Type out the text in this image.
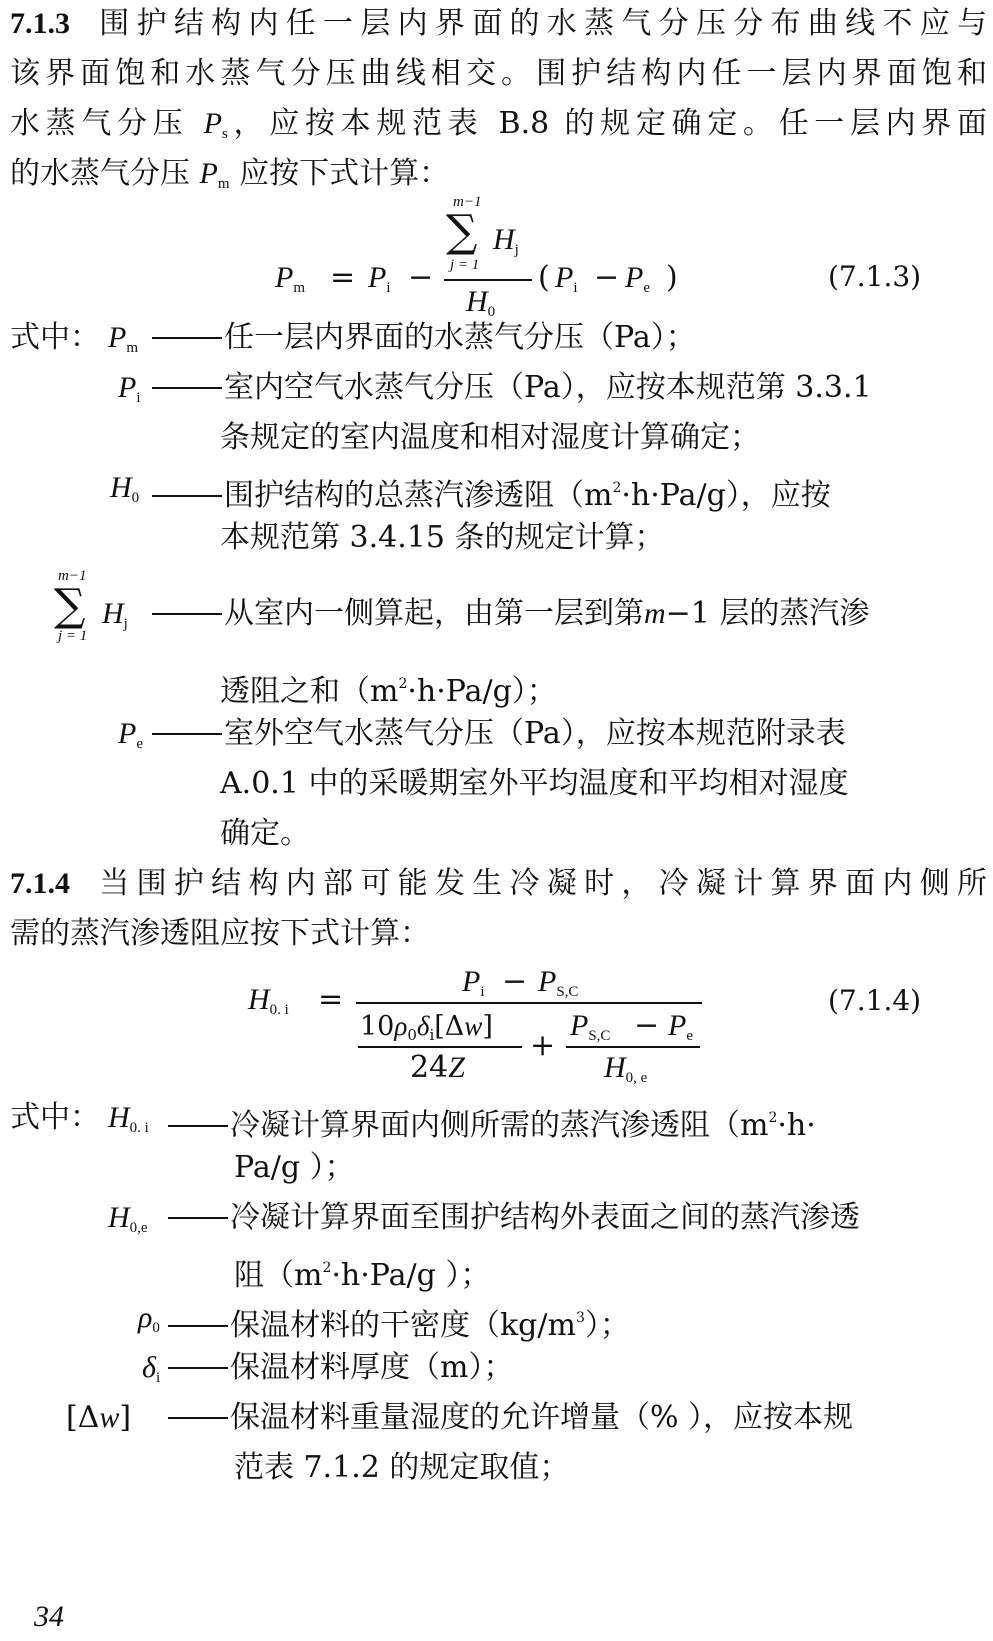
7.1.3 围护结构内任一层内界面的水蒸气分压分布曲线不应与
该界面饱和水蒸气分压曲线相交。围护结构内任一层内界面饱和
水蒸气分压 $P_s$，应按本规范表 B.8 的规定确定。任一层内界面
的水蒸气分压 $P_m$ 应按下式计算：
$P_m = P_i$ −
m−1
∑
j = 1
$H_j$
$H_0$
( $P_i - P_e$ )	(7.1.3)
式中： $P_m$	任一层内界面的水蒸气分压（Pa）；
$P_i$	室内空气水蒸气分压（Pa），应按本规范第 3.3.1
条规定的室内温度和相对湿度计算确定；
$H_0$	围护结构的总蒸汽渗透阻$(m^2\cdot h\cdot Pa/g)$，应按
本规范第 3.4.15 条的规定计算；
m−1
∑
j = 1
$H_j$	从室内一侧算起，由第一层到第m−1 层的蒸汽渗
透阻之和$(m^2\cdot h\cdot Pa/g)$；
$P_e$	室外空气水蒸气分压（Pa），应按本规范附录表
A.0.1 中的采暖期室外平均温度和平均相对湿度
确定。
7.1.4 当围护结构内部可能发生冷凝时，冷凝计算界面内侧所
需的蒸汽渗透阻应按下式计算：
$H_{0. i}$ =
$P_i - P_{S,C}$
$10\rho_0\delta_i[\Delta w]$
24Z
+
$P_{S,C} - P_e$
$H_{0, e}$
(7.1.4)
式中： $H_{0. i}$	冷凝计算界面内侧所需的蒸汽渗透阻（$m^2\cdot h\cdot$
Pa/g ）；
$H_{0,e}$	冷凝计算界面至围护结构外表面之间的蒸汽渗透
阻（$m^2\cdot h\cdot Pa/g$ ）；
$\rho_0$	保温材料的干密度$(kg/m^3)$；
$\delta_i$	保温材料厚度（m）；
[Δw]	保温材料重量湿度的允许增量（% ），应按本规
范表 7.1.2 的规定取值；
34
